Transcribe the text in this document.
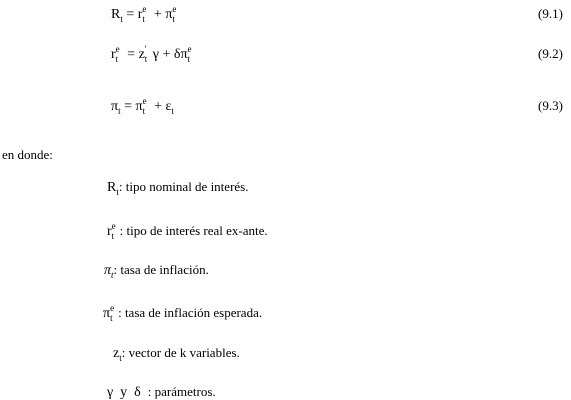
$R_t = r$ e
t + π e
t	(9.1)
r e
t = z '
t γ + δπ e
t	(9.2)
$\pi_t = \pi$ e
$t + \varepsilon_t$	(9.3)
en donde:
$R_t$: tipo nominal de interés.
r e
t : tipo de interés real ex-ante.
$\pi_t$: tasa de inflación.
π e
t : tasa de inflación esperada.
$z_t$: vector de k variables.
γ  y  δ  : parámetros.
